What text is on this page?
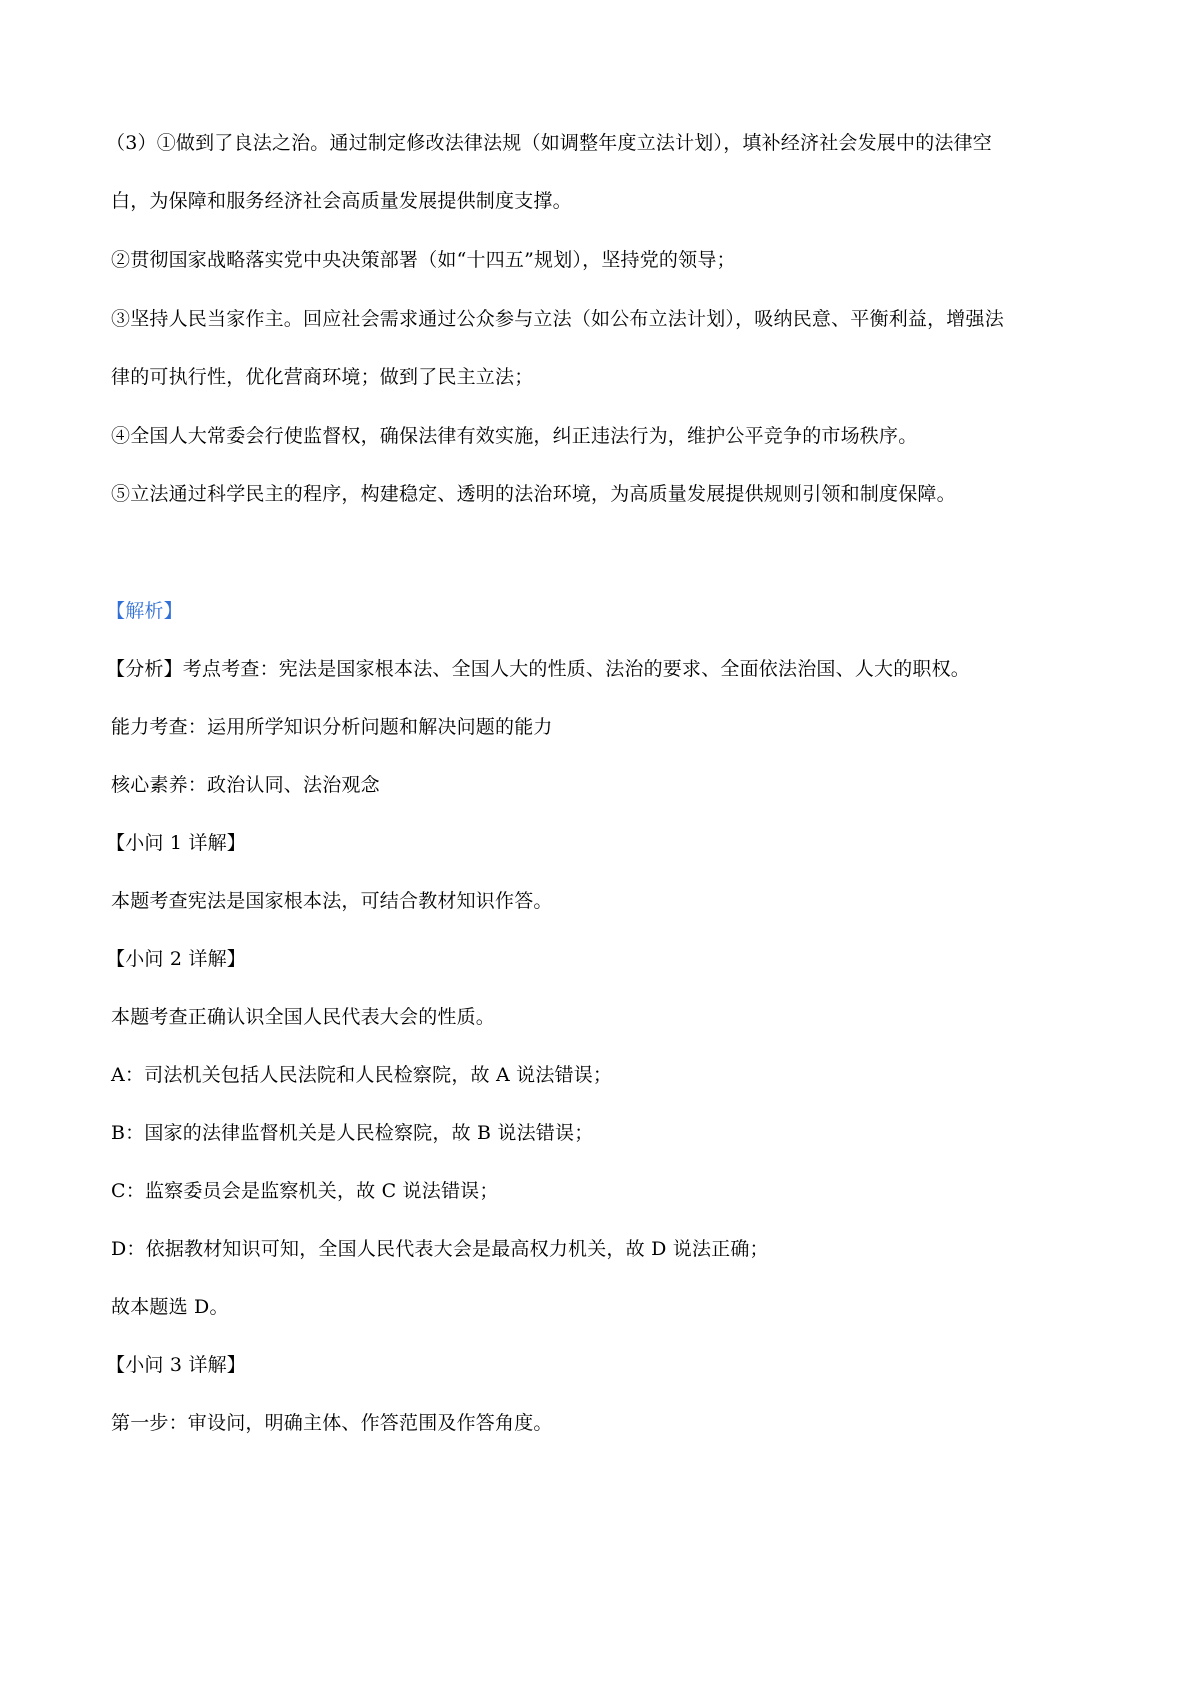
（3）①做到了良法之治。通过制定修改法律法规（如调整年度立法计划），填补经济社会发展中的法律空
白，为保障和服务经济社会高质量发展提供制度支撑。
②贯彻国家战略落实党中央决策部署（如“十四五”规划），坚持党的领导；
③坚持人民当家作主。回应社会需求通过公众参与立法（如公布立法计划），吸纳民意、平衡利益，增强法
律的可执行性，优化营商环境；做到了民主立法；
④全国人大常委会行使监督权，确保法律有效实施，纠正违法行为，维护公平竞争的市场秩序。
⑤立法通过科学民主的程序，构建稳定、透明的法治环境，为高质量发展提供规则引领和制度保障。
【解析】
【分析】考点考查：宪法是国家根本法、全国人大的性质、法治的要求、全面依法治国、人大的职权。
能力考查：运用所学知识分析问题和解决问题的能力
核心素养：政治认同、法治观念
【小问 1 详解】
本题考查宪法是国家根本法，可结合教材知识作答。
【小问 2 详解】
本题考查正确认识全国人民代表大会的性质。
A：司法机关包括人民法院和人民检察院，故 A 说法错误；
B：国家的法律监督机关是人民检察院，故 B 说法错误；
C：监察委员会是监察机关，故 C 说法错误；
D：依据教材知识可知，全国人民代表大会是最高权力机关，故 D 说法正确；
故本题选 D。
【小问 3 详解】
第一步：审设问，明确主体、作答范围及作答角度。
